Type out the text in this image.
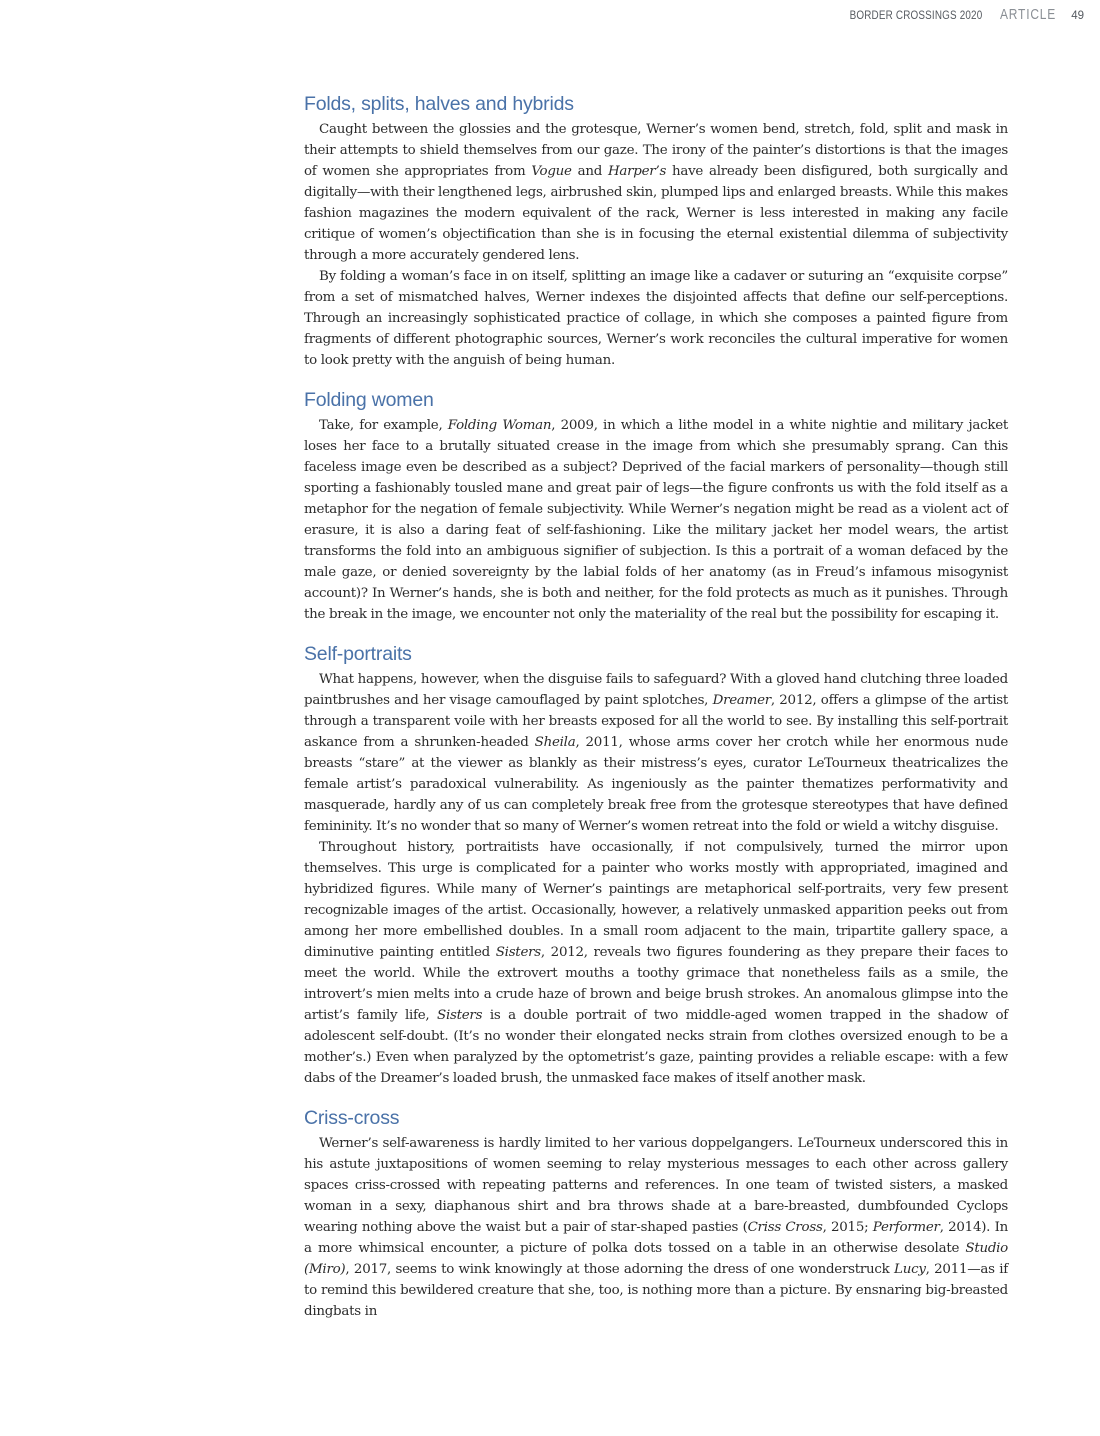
BORDER CROSSINGS 2020 ARTICLE 49
Folds, splits, halves and hybrids

Caught between the glossies and the grotesque, Werner’s women bend, stretch, fold, split and mask in their attempts to shield themselves from our gaze. The irony of the painter’s distortions is that the images of women she appropriates from Vogue and Harper’s have already been disfigured, both surgically and digitally—with their lengthened legs, airbrushed skin, plumped lips and enlarged breasts. While this makes fashion magazines the modern equivalent of the rack, Werner is less interested in making any facile critique of women’s objectification than she is in focusing the eternal existential dilemma of subjectivity through a more accurately gendered lens.

By folding a woman’s face in on itself, splitting an image like a cadaver or suturing an “exquisite corpse” from a set of mismatched halves, Werner indexes the disjointed affects that define our self-perceptions. Through an increasingly sophisticated practice of collage, in which she composes a painted figure from fragments of different photographic sources, Werner’s work reconciles the cultural imperative for women to look pretty with the anguish of being human.

Folding women

Take, for example, Folding Woman, 2009, in which a lithe model in a white nightie and military jacket loses her face to a brutally situated crease in the image from which she presumably sprang. Can this faceless image even be described as a subject? Deprived of the facial markers of personality—though still sporting a fashionably tousled mane and great pair of legs—the figure confronts us with the fold itself as a metaphor for the negation of female subjectivity. While Werner’s negation might be read as a violent act of erasure, it is also a daring feat of self-fashioning. Like the military jacket her model wears, the artist transforms the fold into an ambiguous signifier of subjection. Is this a portrait of a woman defaced by the male gaze, or denied sovereignty by the labial folds of her anatomy (as in Freud’s infamous misogynist account)? In Werner’s hands, she is both and neither, for the fold protects as much as it punishes. Through the break in the image, we encounter not only the materiality of the real but the possibility for escaping it.

Self-portraits

What happens, however, when the disguise fails to safeguard? With a gloved hand clutching three loaded paintbrushes and her visage camouflaged by paint splotches, Dreamer, 2012, offers a glimpse of the artist through a transparent voile with her breasts exposed for all the world to see. By installing this self-portrait askance from a shrunken-headed Sheila, 2011, whose arms cover her crotch while her enormous nude breasts “stare” at the viewer as blankly as their mistress’s eyes, curator LeTourneux theatricalizes the female artist’s paradoxical vulnerability. As ingeniously as the painter thematizes performativity and masquerade, hardly any of us can completely break free from the grotesque stereotypes that have defined femininity. It’s no wonder that so many of Werner’s women retreat into the fold or wield a witchy disguise.

Throughout history, portraitists have occasionally, if not compulsively, turned the mirror upon themselves. This urge is complicated for a painter who works mostly with appropriated, imagined and hybridized figures. While many of Werner’s paintings are metaphorical self-portraits, very few present recognizable images of the artist. Occasionally, however, a relatively unmasked apparition peeks out from among her more embellished doubles. In a small room adjacent to the main, tripartite gallery space, a diminutive painting entitled Sisters, 2012, reveals two figures foundering as they prepare their faces to meet the world. While the extrovert mouths a toothy grimace that nonetheless fails as a smile, the introvert’s mien melts into a crude haze of brown and beige brush strokes. An anomalous glimpse into the artist’s family life, Sisters is a double portrait of two middle-aged women trapped in the shadow of adolescent self-doubt. (It’s no wonder their elongated necks strain from clothes oversized enough to be a mother’s.) Even when paralyzed by the optometrist’s gaze, painting provides a reliable escape: with a few dabs of the Dreamer’s loaded brush, the unmasked face makes of itself another mask.

Criss-cross

Werner’s self-awareness is hardly limited to her various doppelgangers. LeTourneux underscored this in his astute juxtapositions of women seeming to relay mysterious messages to each other across gallery spaces criss-crossed with repeating patterns and references. In one team of twisted sisters, a masked woman in a sexy, diaphanous shirt and bra throws shade at a bare-breasted, dumbfounded Cyclops wearing nothing above the waist but a pair of star-shaped pasties (Criss Cross, 2015; Performer, 2014). In a more whimsical encounter, a picture of polka dots tossed on a table in an otherwise desolate Studio (Miro), 2017, seems to wink knowingly at those adorning the dress of one wonderstruck Lucy, 2011—as if to remind this bewildered creature that she, too, is nothing more than a picture. By ensnaring big-breasted dingbats in
